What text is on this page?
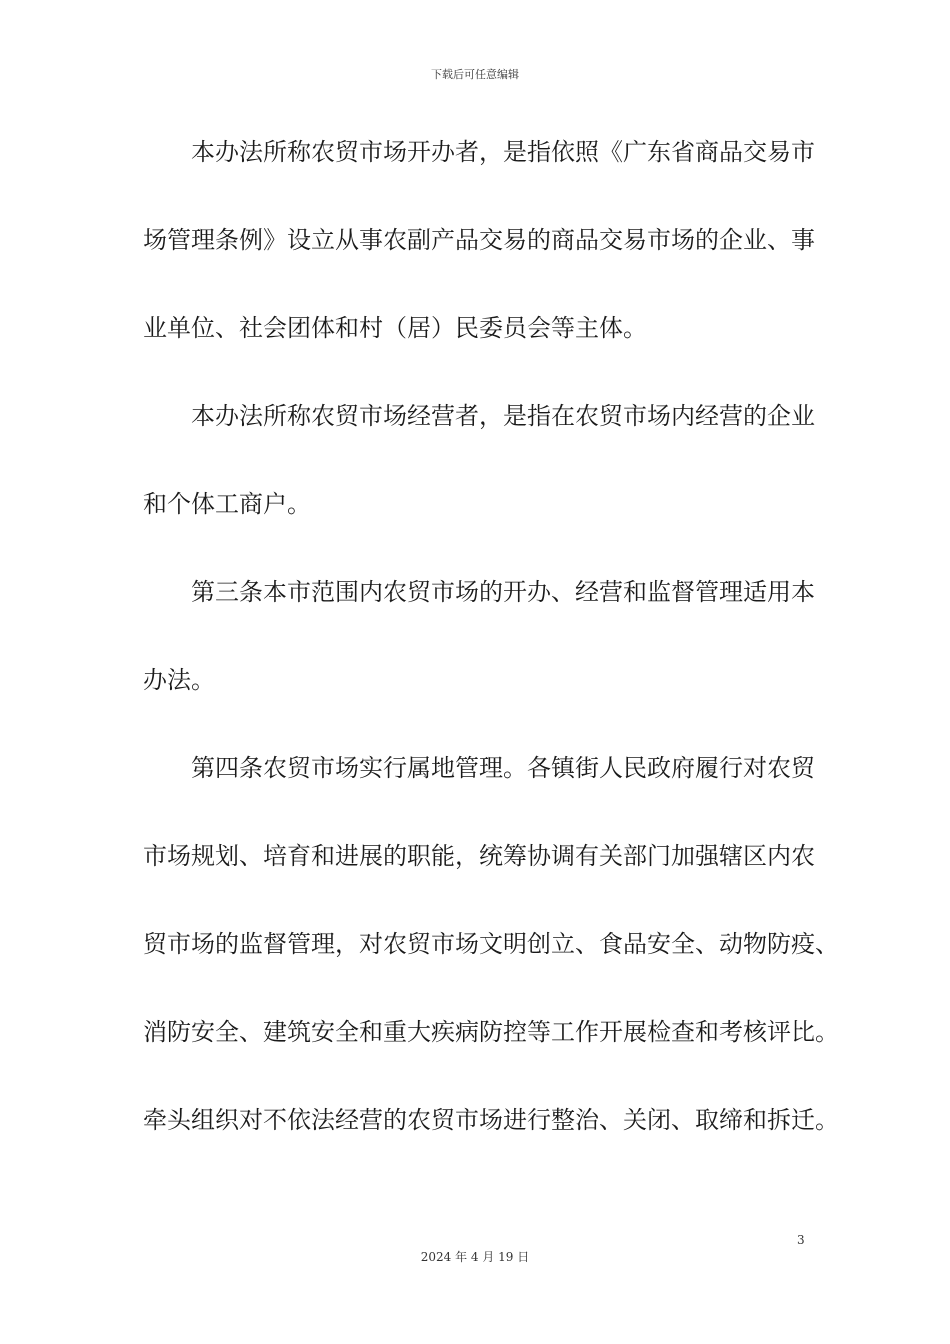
下载后可任意编辑
本办法所称农贸市场开办者，是指依照《广东省商品交易市
场管理条例》设立从事农副产品交易的商品交易市场的企业、事
业单位、社会团体和村（居）民委员会等主体。
本办法所称农贸市场经营者，是指在农贸市场内经营的企业
和个体工商户。
第三条本市范围内农贸市场的开办、经营和监督管理适用本
办法。
第四条农贸市场实行属地管理。各镇街人民政府履行对农贸
市场规划、培育和进展的职能，统筹协调有关部门加强辖区内农
贸市场的监督管理，对农贸市场文明创立、食品安全、动物防疫、
消防安全、建筑安全和重大疾病防控等工作开展检查和考核评比。
牵头组织对不依法经营的农贸市场进行整治、关闭、取缔和拆迁。
3
2024 年 4 月 19 日
